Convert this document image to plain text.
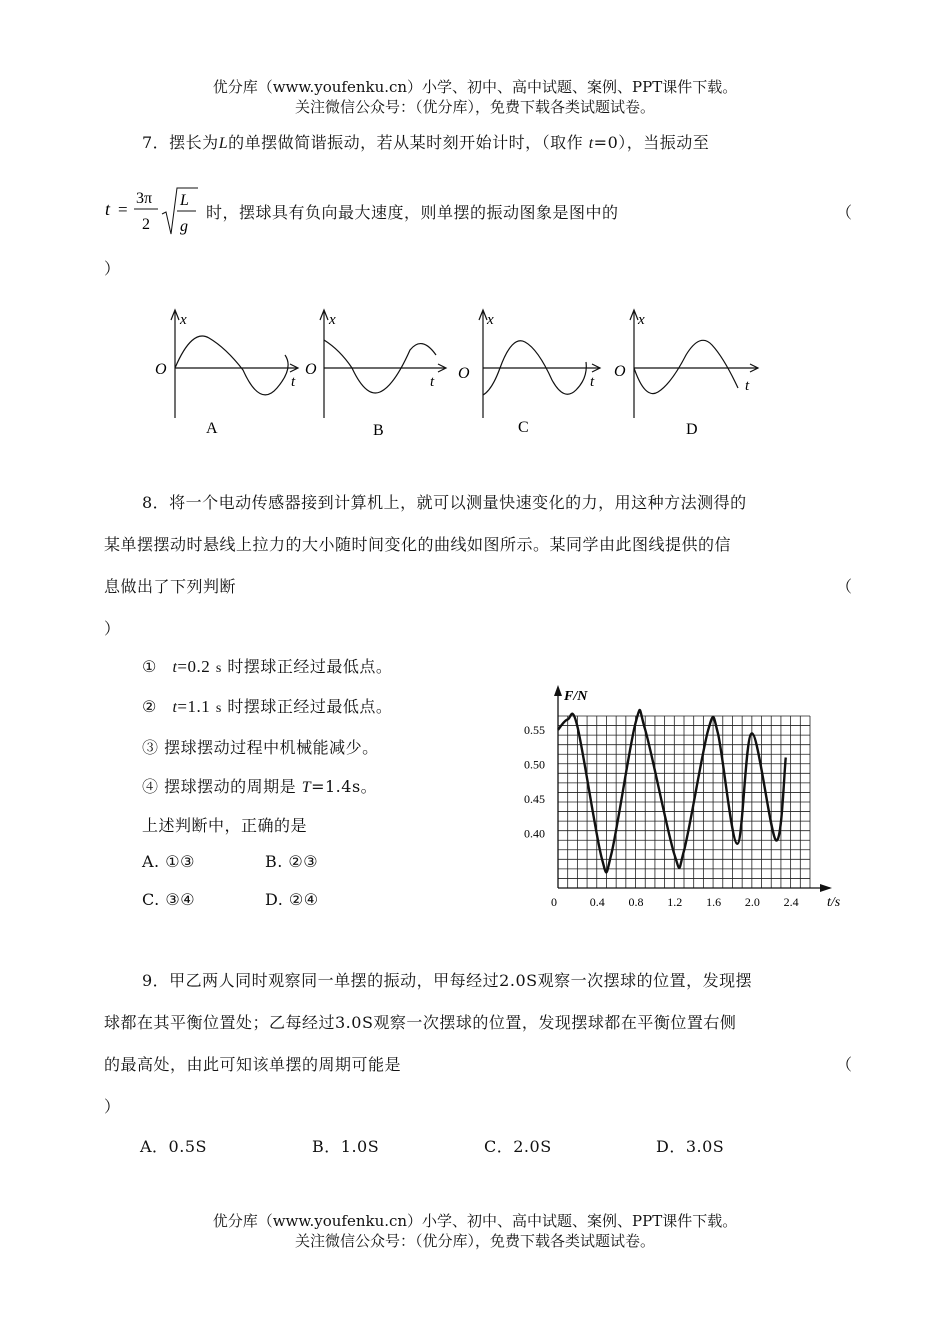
优分库（www.youfenku.cn）小学、初中、高中试题、案例、PPT课件下载。
关注微信公众号：（优分库），免费下载各类试题试卷。
7．摆长为L的单摆做简谐振动，若从某时刻开始计时，（取作 t=0），当振动至
t =
3π
2
L
g
时，摆球具有负向最大速度，则单摆的振动图象是图中的	（
）
O
x
t
A
O
x
t
B
O
x
t
C
O
x
t
D
8．将一个电动传感器接到计算机上，就可以测量快速变化的力，用这种方法测得的
某单摆摆动时悬线上拉力的大小随时间变化的曲线如图所示。某同学由此图线提供的信
息做出了下列判断	（
）
① t=0.2 s 时摆球正经过最低点。
② t=1.1 s 时摆球正经过最低点。
③ 摆球摆动过程中机械能减少。
④ 摆球摆动的周期是 T=1.4s。
上述判断中，正确的是
A. ①③	B. ②③
C. ③④	D. ②④
0.55
0.50
0.45
0.40
0	0.4 0.8 1.2 1.6 2.0 2.4
F/N
t/s
9．甲乙两人同时观察同一单摆的振动，甲每经过2.0S观察一次摆球的位置，发现摆
球都在其平衡位置处；乙每经过3.0S观察一次摆球的位置，发现摆球都在平衡位置右侧
的最高处，由此可知该单摆的周期可能是	（
）
A．0.5S	B．1.0S	C．2.0S	D．3.0S
优分库（www.youfenku.cn）小学、初中、高中试题、案例、PPT课件下载。
关注微信公众号：（优分库），免费下载各类试题试卷。
